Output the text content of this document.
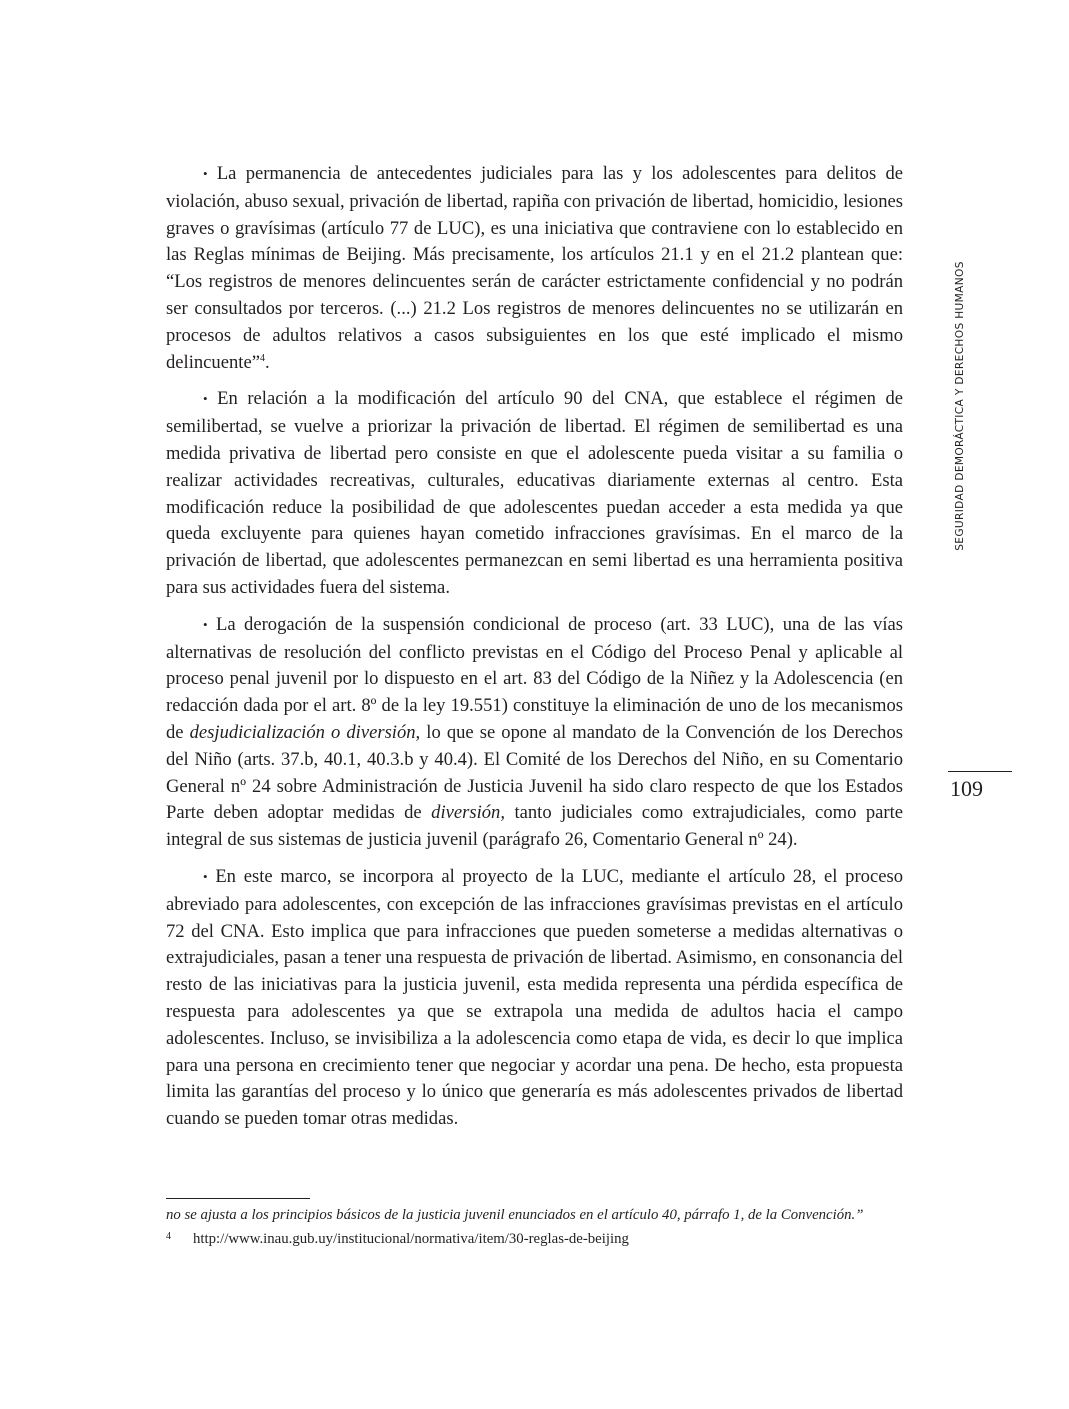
• La permanencia de antecedentes judiciales para las y los adolescentes para delitos de violación, abuso sexual, privación de libertad, rapiña con privación de libertad, homicidio, lesiones graves o gravísimas (artículo 77 de LUC), es una iniciativa que contraviene con lo establecido en las Reglas mínimas de Beijing. Más precisamente, los artículos 21.1 y en el 21.2 plantean que: “Los registros de menores delincuentes serán de carácter estrictamente confidencial y no podrán ser consultados por terceros. (...) 21.2 Los registros de menores delincuentes no se utilizarán en procesos de adultos relativos a casos subsiguientes en los que esté implicado el mismo delincuente”$^4$.

• En relación a la modificación del artículo 90 del CNA, que establece el régimen de semilibertad, se vuelve a priorizar la privación de libertad. El régimen de semilibertad es una medida privativa de libertad pero consiste en que el adolescente pueda visitar a su familia o realizar actividades recreativas, culturales, educativas diariamente externas al centro. Esta modificación reduce la posibilidad de que adolescentes puedan acceder a esta medida ya que queda excluyente para quienes hayan cometido infracciones gravísimas. En el marco de la privación de libertad, que adolescentes permanezcan en semi libertad es una herramienta positiva para sus actividades fuera del sistema.

• La derogación de la suspensión condicional de proceso (art. 33 LUC), una de las vías alternativas de resolución del conflicto previstas en el Código del Proceso Penal y aplicable al proceso penal juvenil por lo dispuesto en el art. 83 del Código de la Niñez y la Adolescencia (en redacción dada por el art. 8º de la ley 19.551) constituye la eliminación de uno de los mecanismos de desjudicialización o diversión, lo que se opone al mandato de la Convención de los Derechos del Niño (arts. 37.b, 40.1, 40.3.b y 40.4). El Comité de los Derechos del Niño, en su Comentario General nº 24 sobre Administración de Justicia Juvenil ha sido claro respecto de que los Estados Parte deben adoptar medidas de diversión, tanto judiciales como extrajudiciales, como parte integral de sus sistemas de justicia juvenil (parágrafo 26, Comentario General nº 24).

• En este marco, se incorpora al proyecto de la LUC, mediante el artículo 28, el proceso abreviado para adolescentes, con excepción de las infracciones gravísimas previstas en el artículo 72 del CNA. Esto implica que para infracciones que pueden someterse a medidas alternativas o extrajudiciales, pasan a tener una respuesta de privación de libertad. Asimismo, en consonancia del resto de las iniciativas para la justicia juvenil, esta medida representa una pérdida específica de respuesta para adolescentes ya que se extrapola una medida de adultos hacia el campo adolescentes. Incluso, se invisibiliza a la adolescencia como etapa de vida, es decir lo que implica para una persona en crecimiento tener que negociar y acordar una pena. De hecho, esta propuesta limita las garantías del proceso y lo único que generaría es más adolescentes privados de libertad cuando se pueden tomar otras medidas.

SEGURIDAD DEMORÁCTICA Y DERECHOS HUMANOS
109
no se ajusta a los principios básicos de la justicia juvenil enunciados en el artículo 40, párrafo 1, de la Convención.”
4 http://www.inau.gub.uy/institucional/normativa/item/30-reglas-de-beijing
